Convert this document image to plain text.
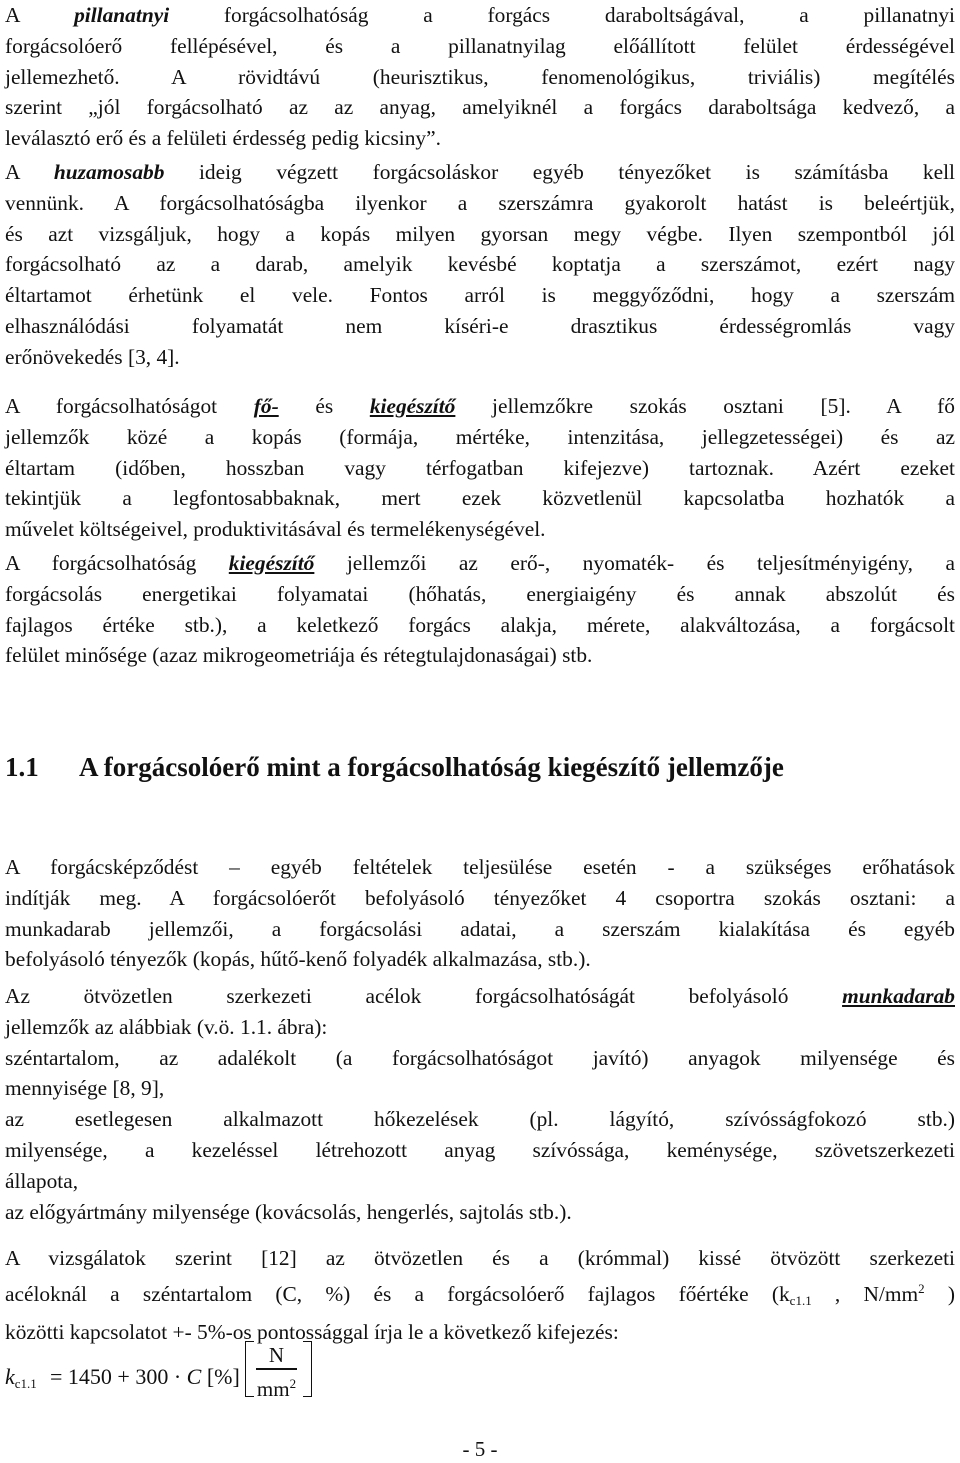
A pillanatnyi forgácsolhatóság a forgács daraboltságával, a pillanatnyi
forgácsolóerő fellépésével, és a pillanatnyilag előállított felület érdességével
jellemezhető. A rövidtávú (heurisztikus, fenomenológikus, triviális) megítélés
szerint „jól forgácsolható az az anyag, amelyiknél a forgács daraboltsága kedvező, a
leválasztó erő és a felületi érdesség pedig kicsiny”.
A huzamosabb ideig végzett forgácsoláskor egyéb tényezőket is számításba kell
vennünk. A forgácsolhatóságba ilyenkor a szerszámra gyakorolt hatást is beleértjük,
és azt vizsgáljuk, hogy a kopás milyen gyorsan megy végbe. Ilyen szempontból jól
forgácsolható az a darab, amelyik kevésbé koptatja a szerszámot, ezért nagy
éltartamot érhetünk el vele. Fontos arról is meggyőződni, hogy a szerszám
elhasználódási folyamatát nem kíséri-e drasztikus érdességromlás vagy
erőnövekedés [3, 4].
A forgácsolhatóságot fő- és kiegészítő jellemzőkre szokás osztani [5]. A fő
jellemzők közé a kopás (formája, mértéke, intenzitása, jellegzetességei) és az
éltartam (időben, hosszban vagy térfogatban kifejezve) tartoznak. Azért ezeket
tekintjük a legfontosabbaknak, mert ezek közvetlenül kapcsolatba hozhatók a
művelet költségeivel, produktivitásával és termelékenységével.
A forgácsolhatóság kiegészítő jellemzői az erő-, nyomaték- és teljesítményigény, a
forgácsolás energetikai folyamatai (hőhatás, energiaigény és annak abszolút és
fajlagos értéke stb.), a keletkező forgács alakja, mérete, alakváltozása, a forgácsolt
felület minősége (azaz mikrogeometriája és rétegtulajdonaságai) stb.
1.1 A forgácsolóerő mint a forgácsolhatóság kiegészítő jellemzője
A forgácsképződést – egyéb feltételek teljesülése esetén - a szükséges erőhatások
indítják meg. A forgácsolóerőt befolyásoló tényezőket 4 csoportra szokás osztani: a
munkadarab jellemzői, a forgácsolási adatai, a szerszám kialakítása és egyéb
befolyásoló tényezők (kopás, hűtő-kenő folyadék alkalmazása, stb.).
Az ötvözetlen szerkezeti acélok forgácsolhatóságát befolyásoló munkadarab
jellemzők az alábbiak (v.ö. 1.1. ábra):
széntartalom, az adalékolt (a forgácsolhatóságot javító) anyagok milyensége és
mennyisége [8, 9],
az esetlegesen alkalmazott hőkezelések (pl. lágyító, szívósságfokozó stb.)
milyensége, a kezeléssel létrehozott anyag szívóssága, keménysége, szövetszerkezeti
állapota,
az előgyártmány milyensége (kovácsolás, hengerlés, sajtolás stb.).
A vizsgálatok szerint [12] az ötvözetlen és a (krómmal) kissé ötvözött szerkezeti
acéloknál a széntartalom (C, %) és a forgácsolóerő fajlagos főértéke ($k_{c1.1}$ , $N/mm^2$ )
közötti kapcsolatot +- 5%-os pontossággal írja le a következő kifejezés:
$k_{c1.1} = 1450 + 300 \cdot C$ [%]
N
$mm^2$
- 5 -
